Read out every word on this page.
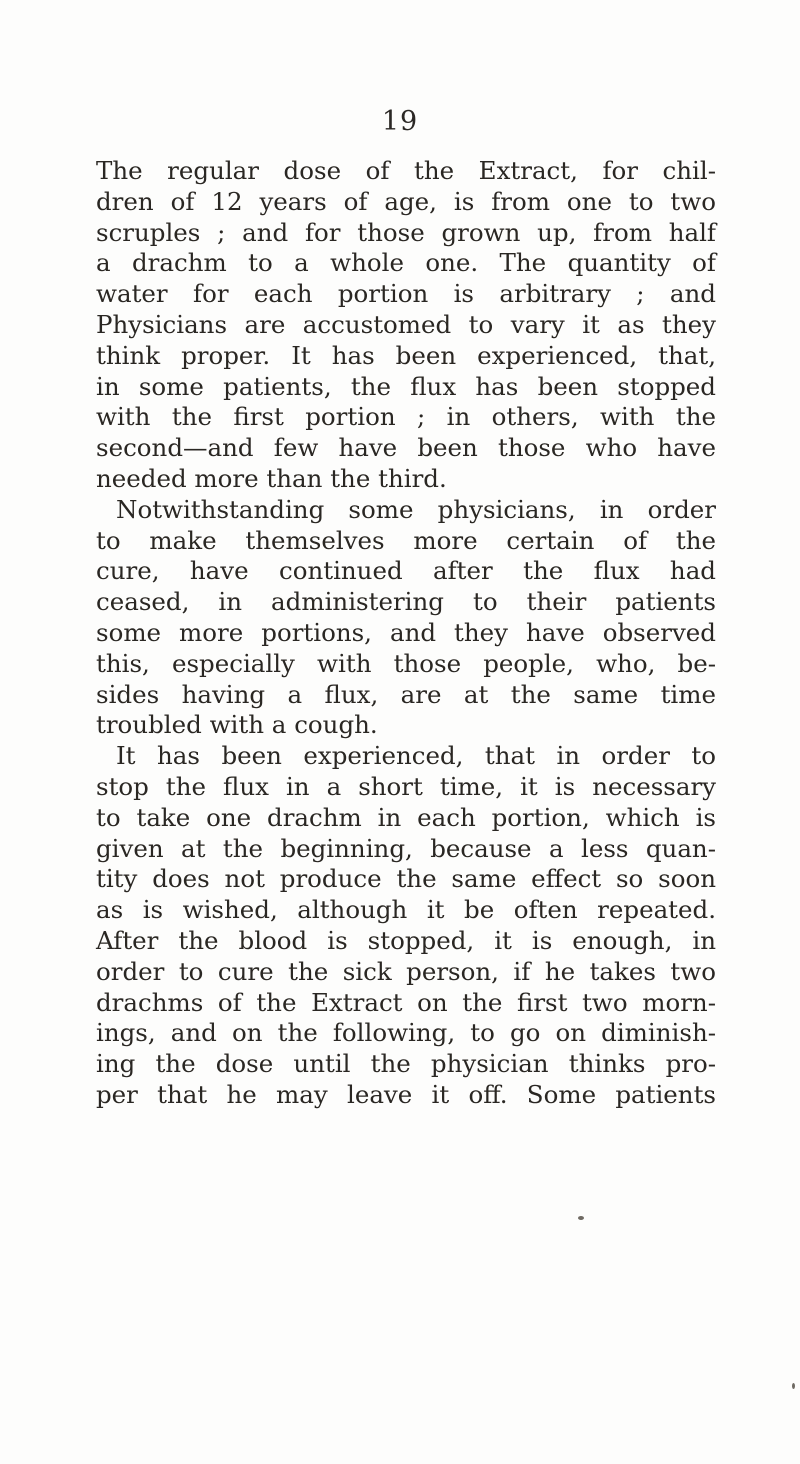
19
The regular dose of the Extract, for chil-
dren of 12 years of age, is from one to two
scruples ; and for those grown up, from half
a drachm to a whole one. The quantity of
water for each portion is arbitrary ; and
Physicians are accustomed to vary it as they
think proper. It has been experienced, that,
in some patients, the flux has been stopped
with the first portion ; in others, with the
second—and few have been those who have
needed more than the third.
Notwithstanding some physicians, in order
to make themselves more certain of the
cure, have continued after the flux had
ceased, in administering to their patients
some more portions, and they have observed
this, especially with those people, who, be-
sides having a flux, are at the same time
troubled with a cough.
It has been experienced, that in order to
stop the flux in a short time, it is necessary
to take one drachm in each portion, which is
given at the beginning, because a less quan-
tity does not produce the same effect so soon
as is wished, although it be often repeated.
After the blood is stopped, it is enough, in
order to cure the sick person, if he takes two
drachms of the Extract on the first two morn-
ings, and on the following, to go on diminish-
ing the dose until the physician thinks pro-
per that he may leave it off. Some patients
